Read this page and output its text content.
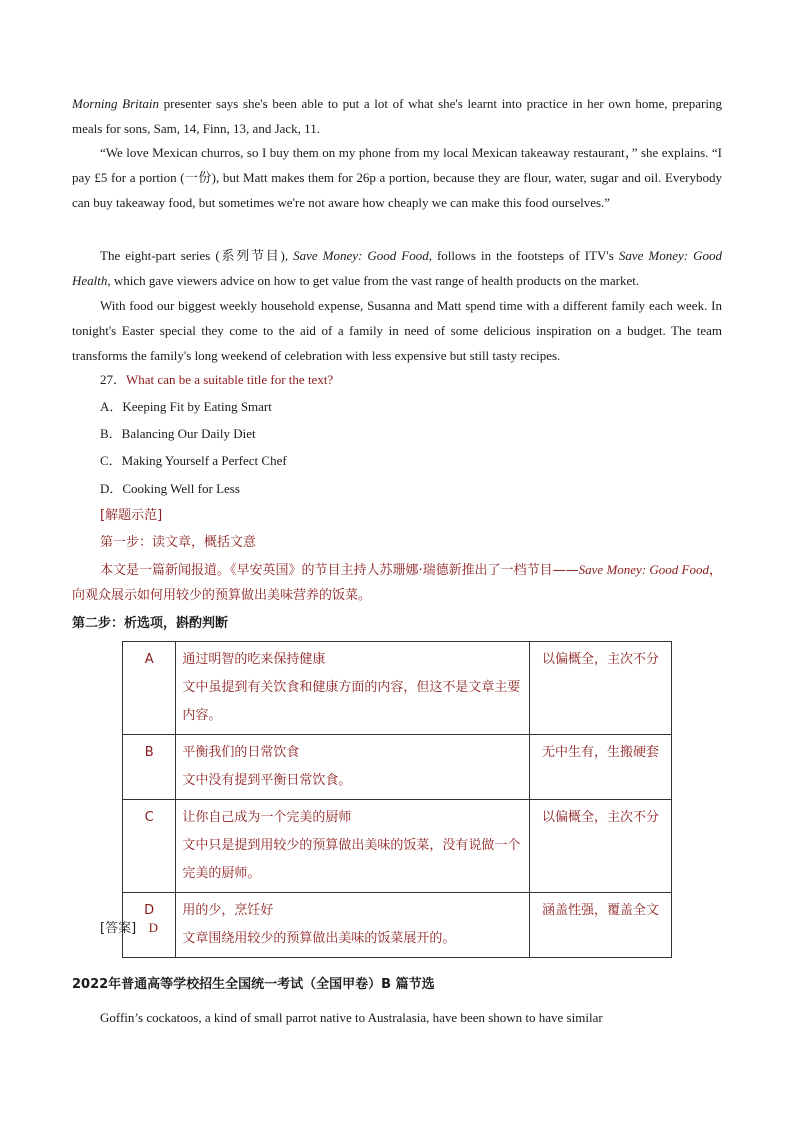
Morning Britain presenter says she's been able to put a lot of what she's learnt into practice in her own home, preparing meals for sons, Sam, 14, Finn, 13, and Jack, 11.

“We love Mexican churros, so I buy them on my phone from my local Mexican takeaway restaurant，” she explains. “I pay £5 for a portion (一份), but Matt makes them for 26p a portion, because they are flour, water, sugar and oil. Everybody can buy takeaway food, but sometimes we're not aware how cheaply we can make this food ourselves.”

The eight-part series (系列节目), Save Money: Good Food, follows in the footsteps of ITV's Save Money: Good Health, which gave viewers advice on how to get value from the vast range of health products on the market.

With food our biggest weekly household expense, Susanna and Matt spend time with a different family each week. In tonight's Easter special they come to the aid of a family in need of some delicious inspiration on a budget. The team transforms the family's long weekend of celebration with less expensive but still tasty recipes.

27．What can be a suitable title for the text?

A．Keeping Fit by Eating Smart

B．Balancing Our Daily Diet

C．Making Yourself a Perfect Chef

D．Cooking Well for Less

[解题示范]

第一步：读文章，概括文意

本文是一篇新闻报道。《早安英国》的节目主持人苏珊娜·瑞德新推出了一档节目——Save Money: Good Food，向观众展示如何用较少的预算做出美味营养的饭菜。

第二步：析选项，斟酌判断

A	通过明智的吃来保持健康
文中虽提到有关饮食和健康方面的内容，但这不是文章主要内容。	以偏概全，主次不分
B	平衡我们的日常饮食
文中没有提到平衡日常饮食。	无中生有，生搬硬套
C	让你自己成为一个完美的厨师
文中只是提到用较少的预算做出美味的饭菜，没有说做一个完美的厨师。	以偏概全，主次不分
D	用的少，烹饪好
文章围绕用较少的预算做出美味的饭菜展开的。	涵盖性强，覆盖全文

[答案] D

2022年普通高等学校招生全国统一考试（全国甲卷）B 篇节选

Goffin’s cockatoos, a kind of small parrot native to Australasia, have been shown to have similar
